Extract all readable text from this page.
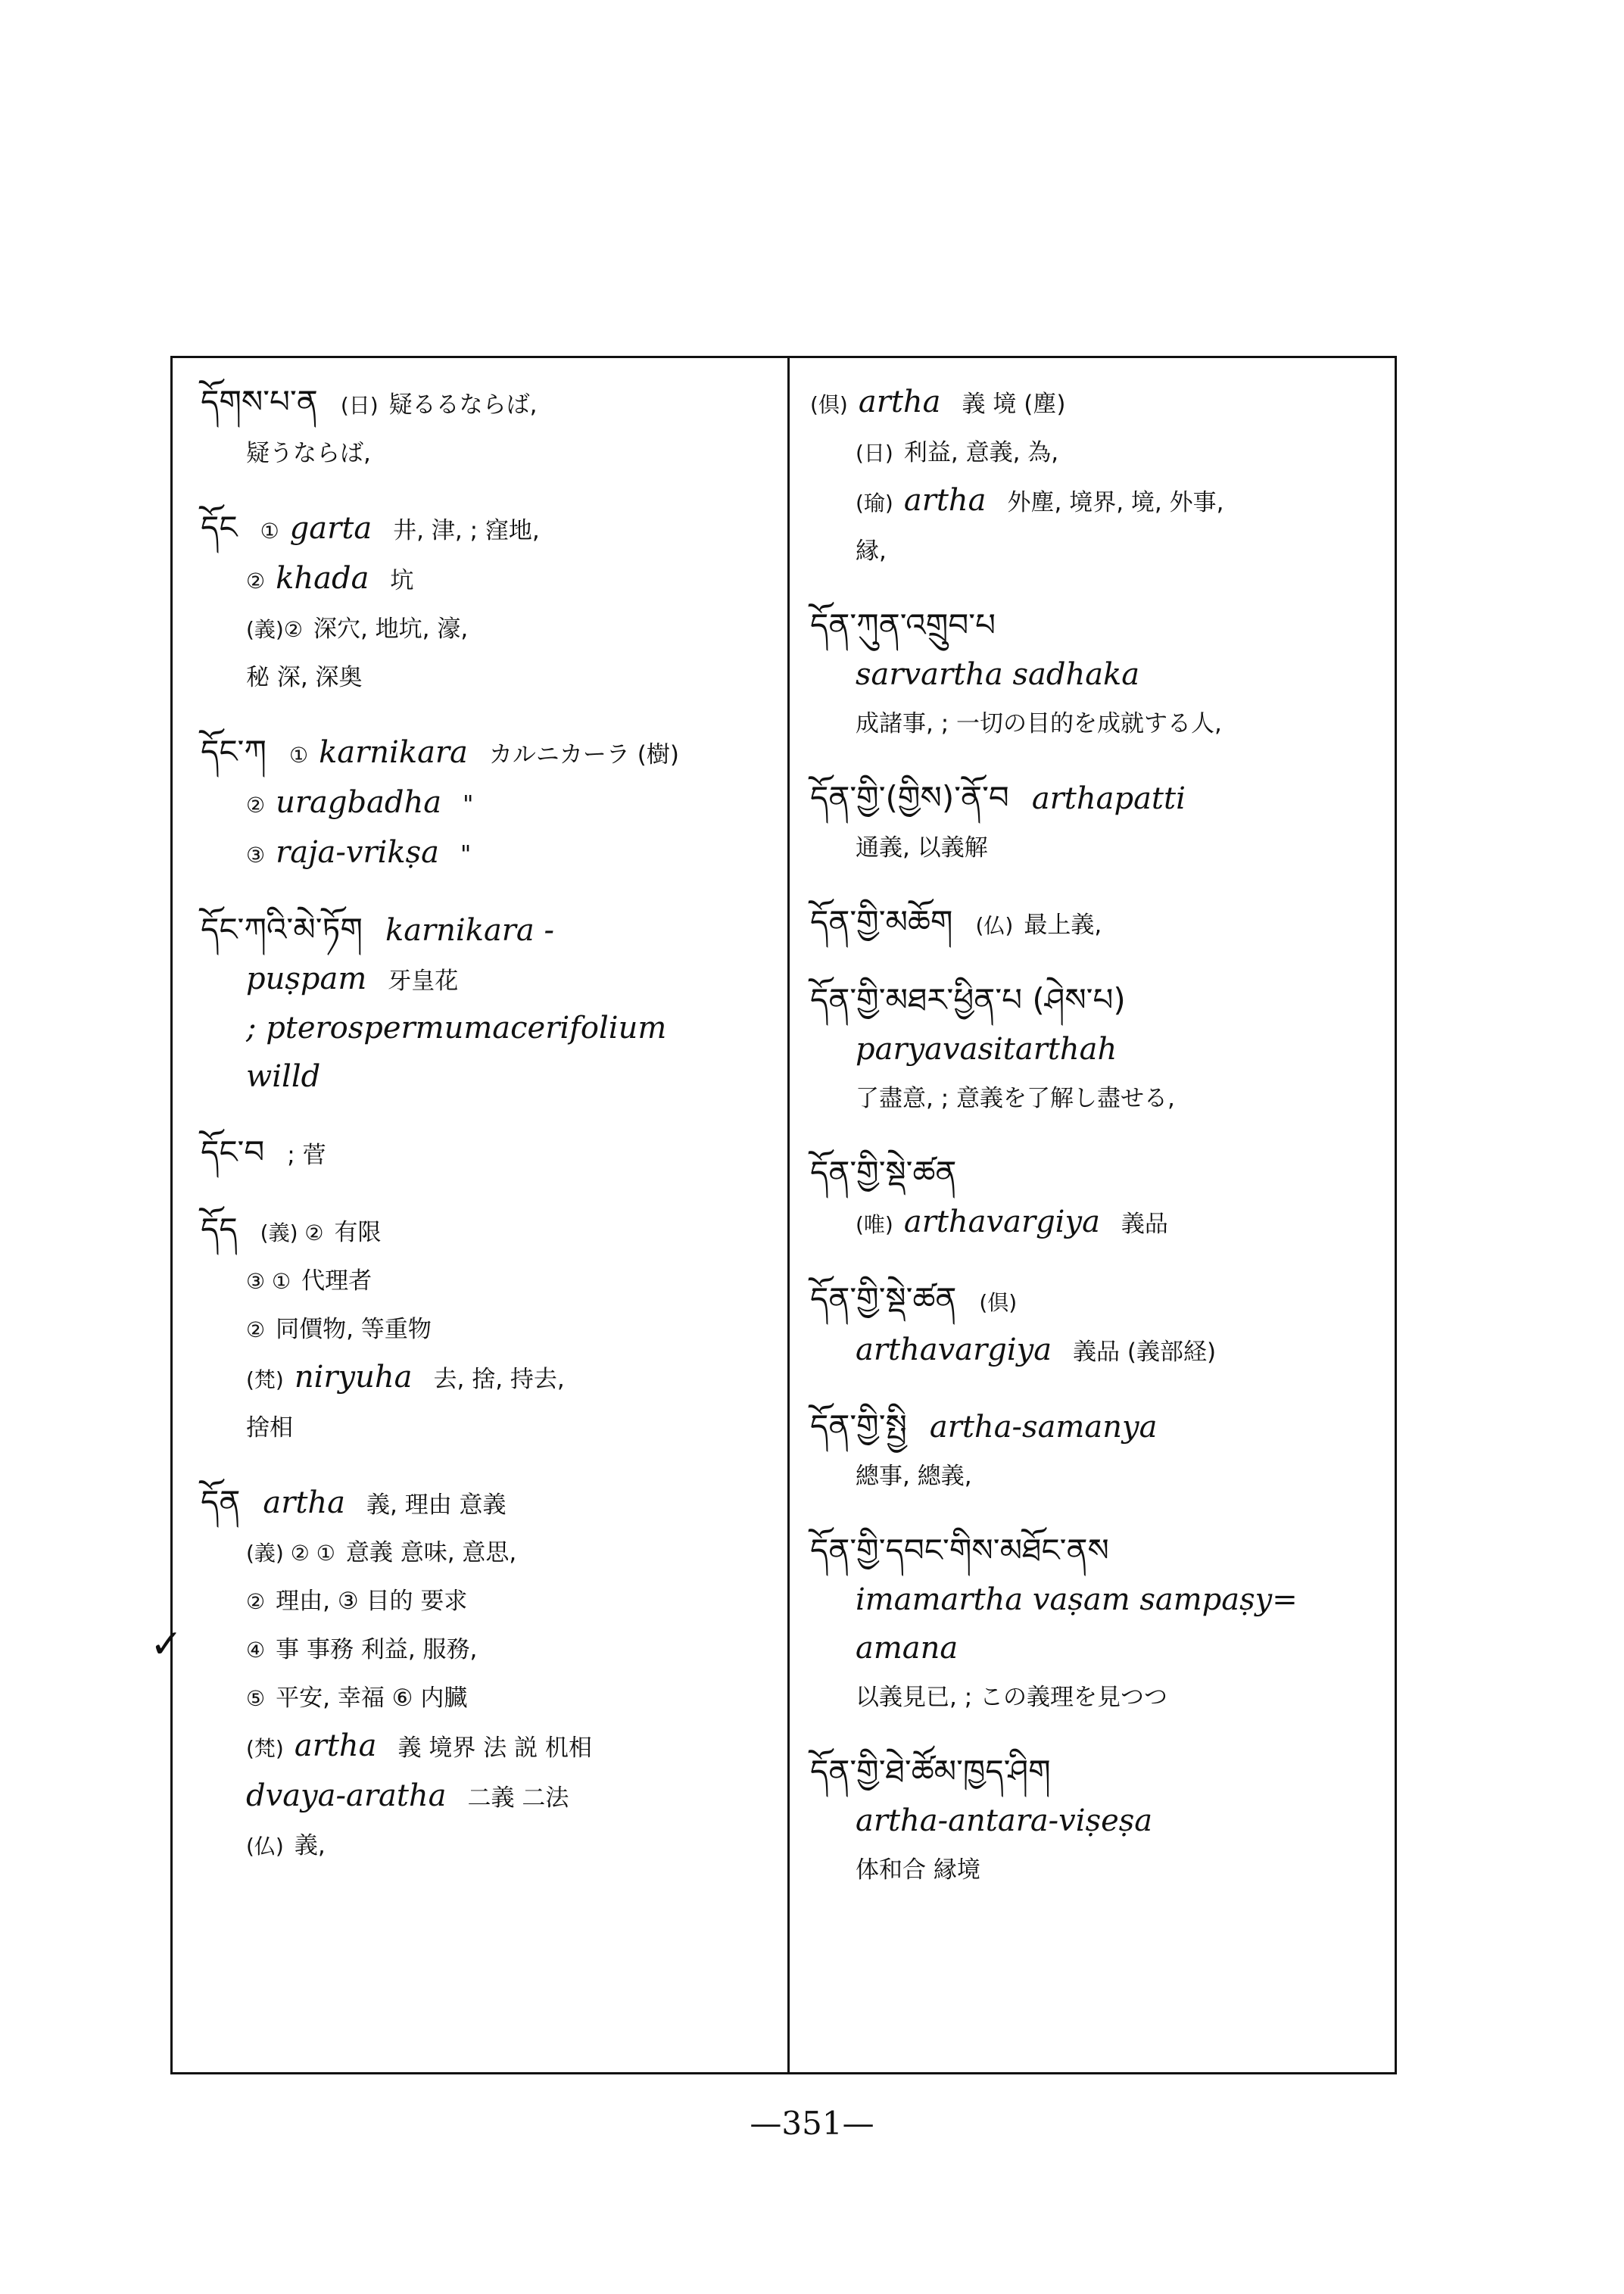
✓
དོགས་པ་ན (日) 疑るるならば,
疑うならば,
དོང ① garta 井, 津, ; 窪地,
② khada 坑
(義)② 深穴, 地坑, 濠,
秘 深, 深奥
དོང་ཀ ① karnikara カルニカーラ (樹)
② uragbadha "
③ raja-vrikṣa "
དོང་ཀའི་མེ་ཏོག karnikara -
puṣpam 牙皇花
; pterospermumacerifolium
willd
དོང་བ ; 菅
དོད (義) ② 有限
③ ① 代理者
② 同價物, 等重物
(梵) niryuha 去, 捨, 持去,
捨相
དོན artha 義, 理由 意義
(義) ② ① 意義 意味, 意思,
② 理由, ③ 目的 要求
④ 事 事務 利益, 服務,
⑤ 平安, 幸福 ⑥ 内臓
(梵) artha 義 境界 法 説 机相
dvaya-aratha 二義 二法
(仏) 義,
(倶) artha 義 境 (塵)
(日) 利益, 意義, 為,
(瑜) artha 外塵, 境界, 境, 外事,
縁,
དོན་ཀུན་འགྲུབ་པ
sarvartha sadhaka
成諸事, ; 一切の目的を成就する人,
དོན་གྱི་(གྱིས)་ནོ་བ arthapatti
通義, 以義解
དོན་གྱི་མཆོག (仏) 最上義,
དོན་གྱི་མཐར་ཕྱིན་པ (ཤེས་པ)
paryavasitarthah
了盡意, ; 意義を了解し盡せる,
དོན་གྱི་སྡེ་ཚན
(唯) arthavargiya 義品
དོན་གྱི་སྡེ་ཚན (倶)
arthavargiya 義品 (義部経)
དོན་གྱི་སྤྱི artha-samanya
總事, 總義,
དོན་གྱི་དབང་གིས་མཐོང་ནས
imamartha vaṣam sampaṣy=
amana
以義見已, ; この義理を見つつ
དོན་གྱི་ཐེ་ཚོམ་ཁྱད་ཤིག
artha-antara-viṣeṣa
体和合 縁境
—351—
